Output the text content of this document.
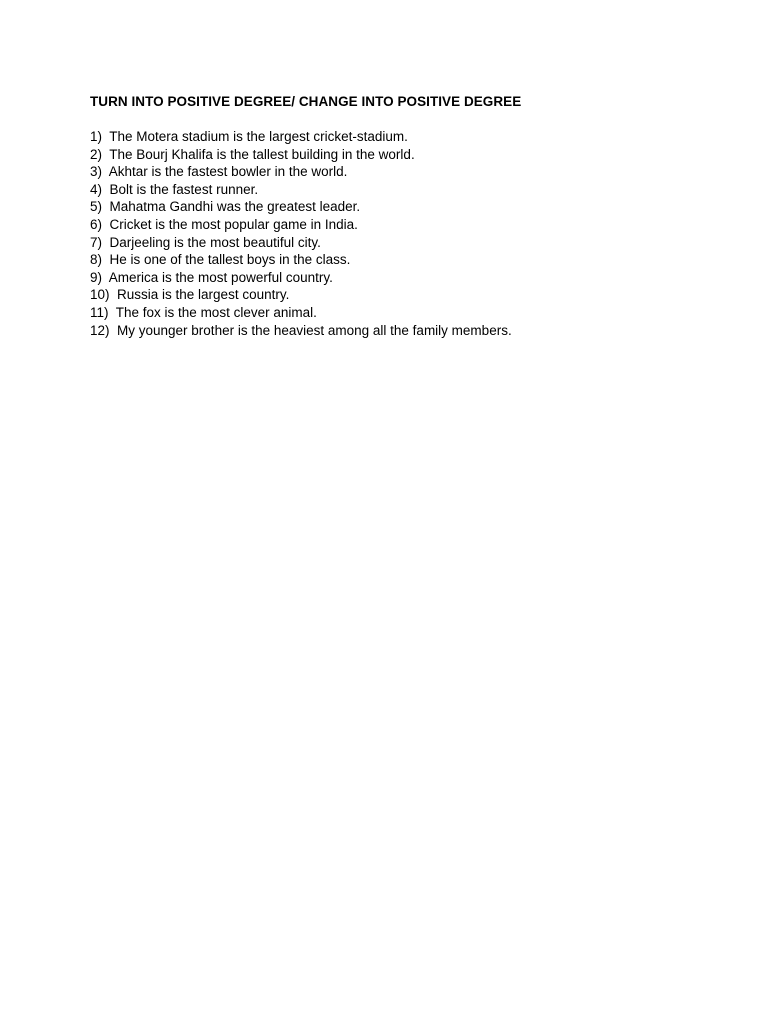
TURN INTO POSITIVE DEGREE/ CHANGE INTO POSITIVE DEGREE
1)  The Motera stadium is the largest cricket-stadium.
2)  The Bourj Khalifa is the tallest building in the world.
3)  Akhtar is the fastest bowler in the world.
4)  Bolt is the fastest runner.
5)  Mahatma Gandhi was the greatest leader.
6)  Cricket is the most popular game in India.
7)  Darjeeling is the most beautiful city.
8)  He is one of the tallest boys in the class.
9)  America is the most powerful country.
10)  Russia is the largest country.
11)  The fox is the most clever animal.
12)  My younger brother is the heaviest among all the family members.
